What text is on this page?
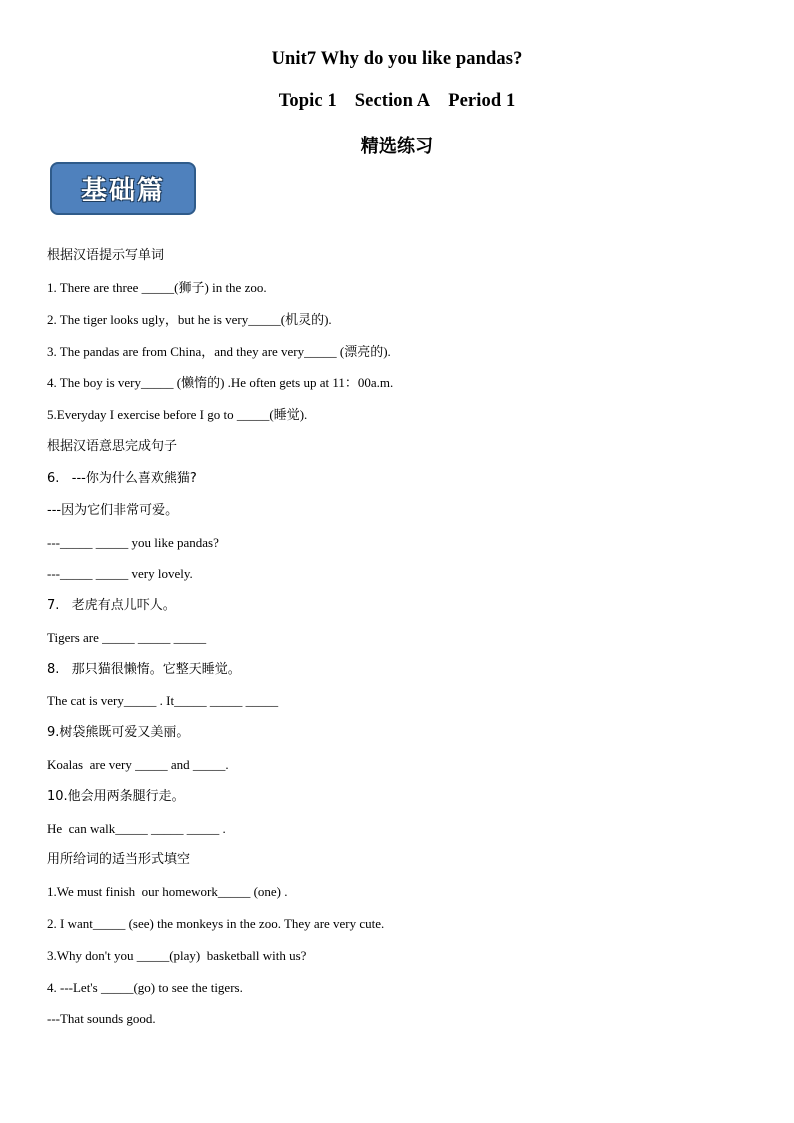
Unit7 Why do you like pandas?
Topic 1 Section A Period 1
精选练习
基础篇
根据汉语提示写单词
1. There are three _____(狮子) in the zoo.
2. The tiger looks ugly，but he is very_____(机灵的).
3. The pandas are from China，and they are very_____ (漂亮的).
4. The boy is very_____ (懒惰的) .He often gets up at 11：00a.m.
5.Everyday I exercise before I go to _____(睡觉).
根据汉语意思完成句子
6.   ---你为什么喜欢熊猫?
---因为它们非常可爱。
---_____ _____ you like pandas?
---_____ _____ very lovely.
7.   老虎有点儿吓人。
Tigers are _____ _____ _____
8.   那只猫很懒惰。它整天睡觉。
The cat is very_____ . It_____ _____ _____
9.树袋熊既可爱又美丽。
Koalas  are very _____ and _____.
10.他会用两条腿行走。
He  can walk_____ _____ _____ .
用所给词的适当形式填空
1.We must finish  our homework_____ (one) .
2. I want_____ (see) the monkeys in the zoo. They are very cute.
3.Why don't you _____(play)  basketball with us?
4. ---Let's _____(go) to see the tigers.
---That sounds good.
